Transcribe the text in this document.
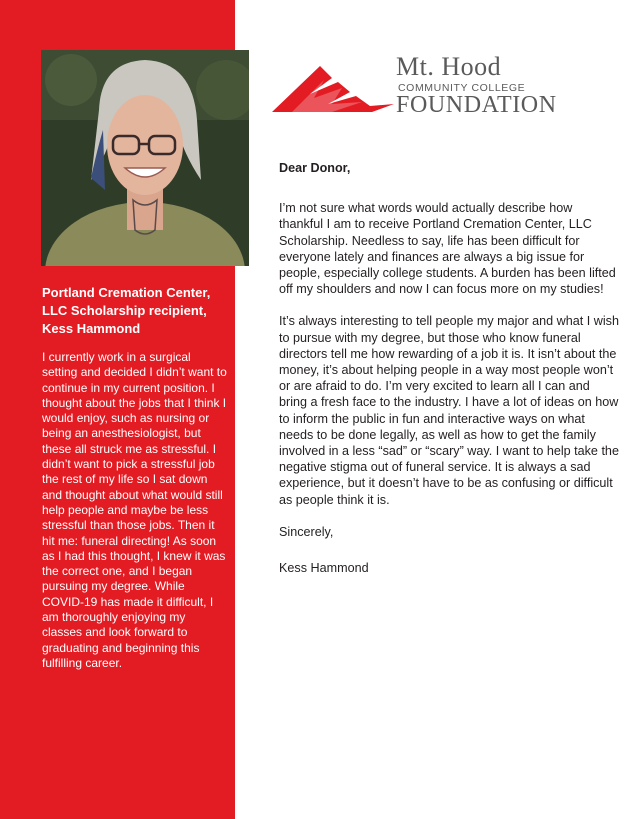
Portland Cremation Center, LLC Scholarship recipient, Kess Hammond
I currently work in a surgical setting and decided I didn’t want to continue in my current position. I thought about the jobs that I think I would enjoy, such as nursing or being an anesthesiologist, but these all struck me as stressful. I didn’t want to pick a stressful job the rest of my life so I sat down and thought about what would still help people and maybe be less stressful than those jobs. Then it hit me: funeral directing! As soon as I had this thought, I knew it was the correct one, and I began pursuing my degree. While COVID-19 has made it difficult, I am thoroughly enjoying my classes and look forward to graduating and beginning this fulfilling career.
Mt. Hood
COMMUNITY COLLEGE
FOUNDATION

Dear Donor,

I’m not sure what words would actually describe how thankful I am to receive Portland Cremation Center, LLC Scholarship. Needless to say, life has been difficult for everyone lately and finances are always a big issue for people, especially college students. A burden has been lifted off my shoulders and now I can focus more on my studies!

It’s always interesting to tell people my major and what I wish to pursue with my degree, but those who know funeral directors tell me how rewarding of a job it is. It isn’t about the money, it’s about helping people in a way most people won’t or are afraid to do. I’m very excited to learn all I can and bring a fresh face to the industry. I have a lot of ideas on how to inform the public in fun and interactive ways on what needs to be done legally, as well as how to get the family involved in a less “sad” or “scary” way. I want to help take the negative stigma out of funeral service. It is always a sad experience, but it doesn’t have to be as confusing or difficult as people think it is.

Sincerely,

Kess Hammond
